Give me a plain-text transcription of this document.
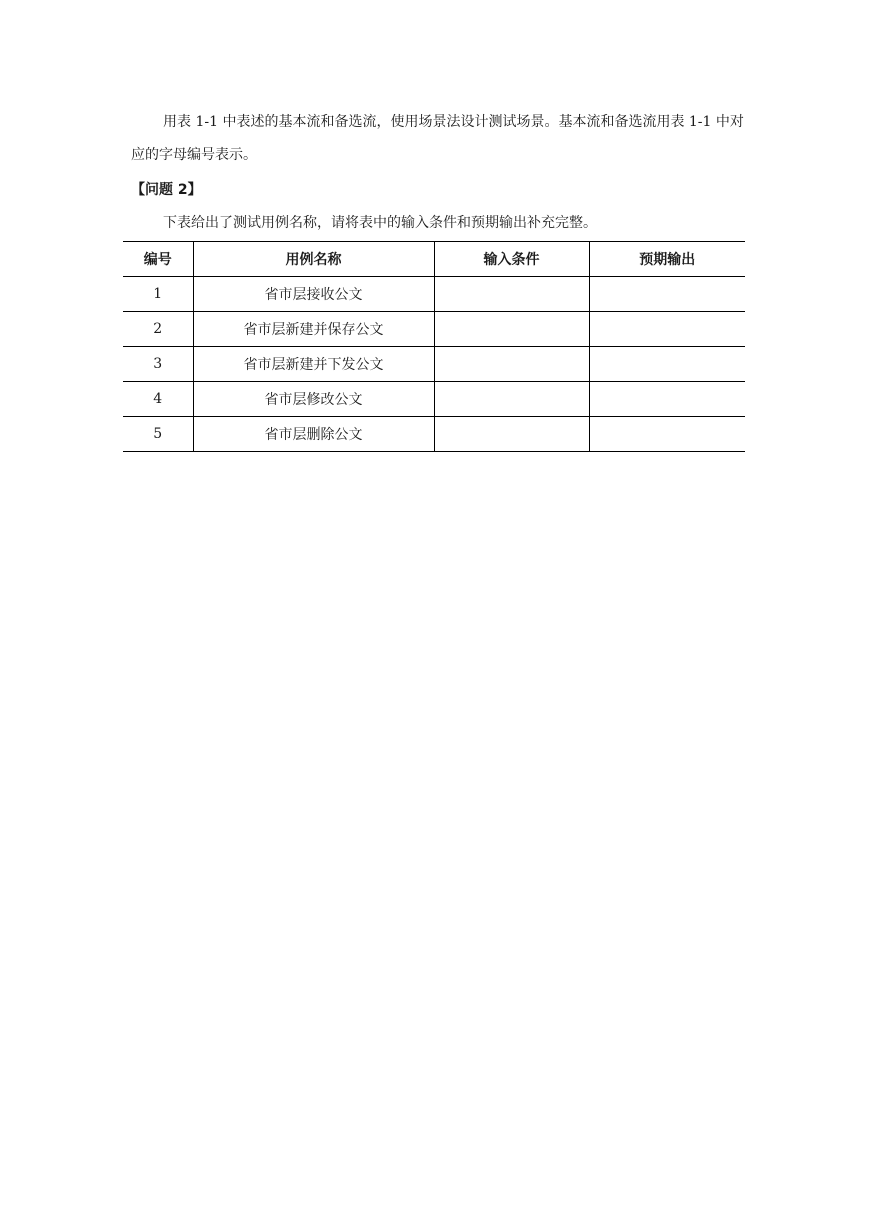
用表 1-1 中表述的基本流和备选流，使用场景法设计测试场景。基本流和备选流用表 1-1 中对应的字母编号表示。
【问题 2】
下表给出了测试用例名称，请将表中的输入条件和预期输出补充完整。
编号	用例名称	输入条件	预期输出
1	省市层接收公文		
2	省市层新建并保存公文		
3	省市层新建并下发公文		
4	省市层修改公文		
5	省市层删除公文		
